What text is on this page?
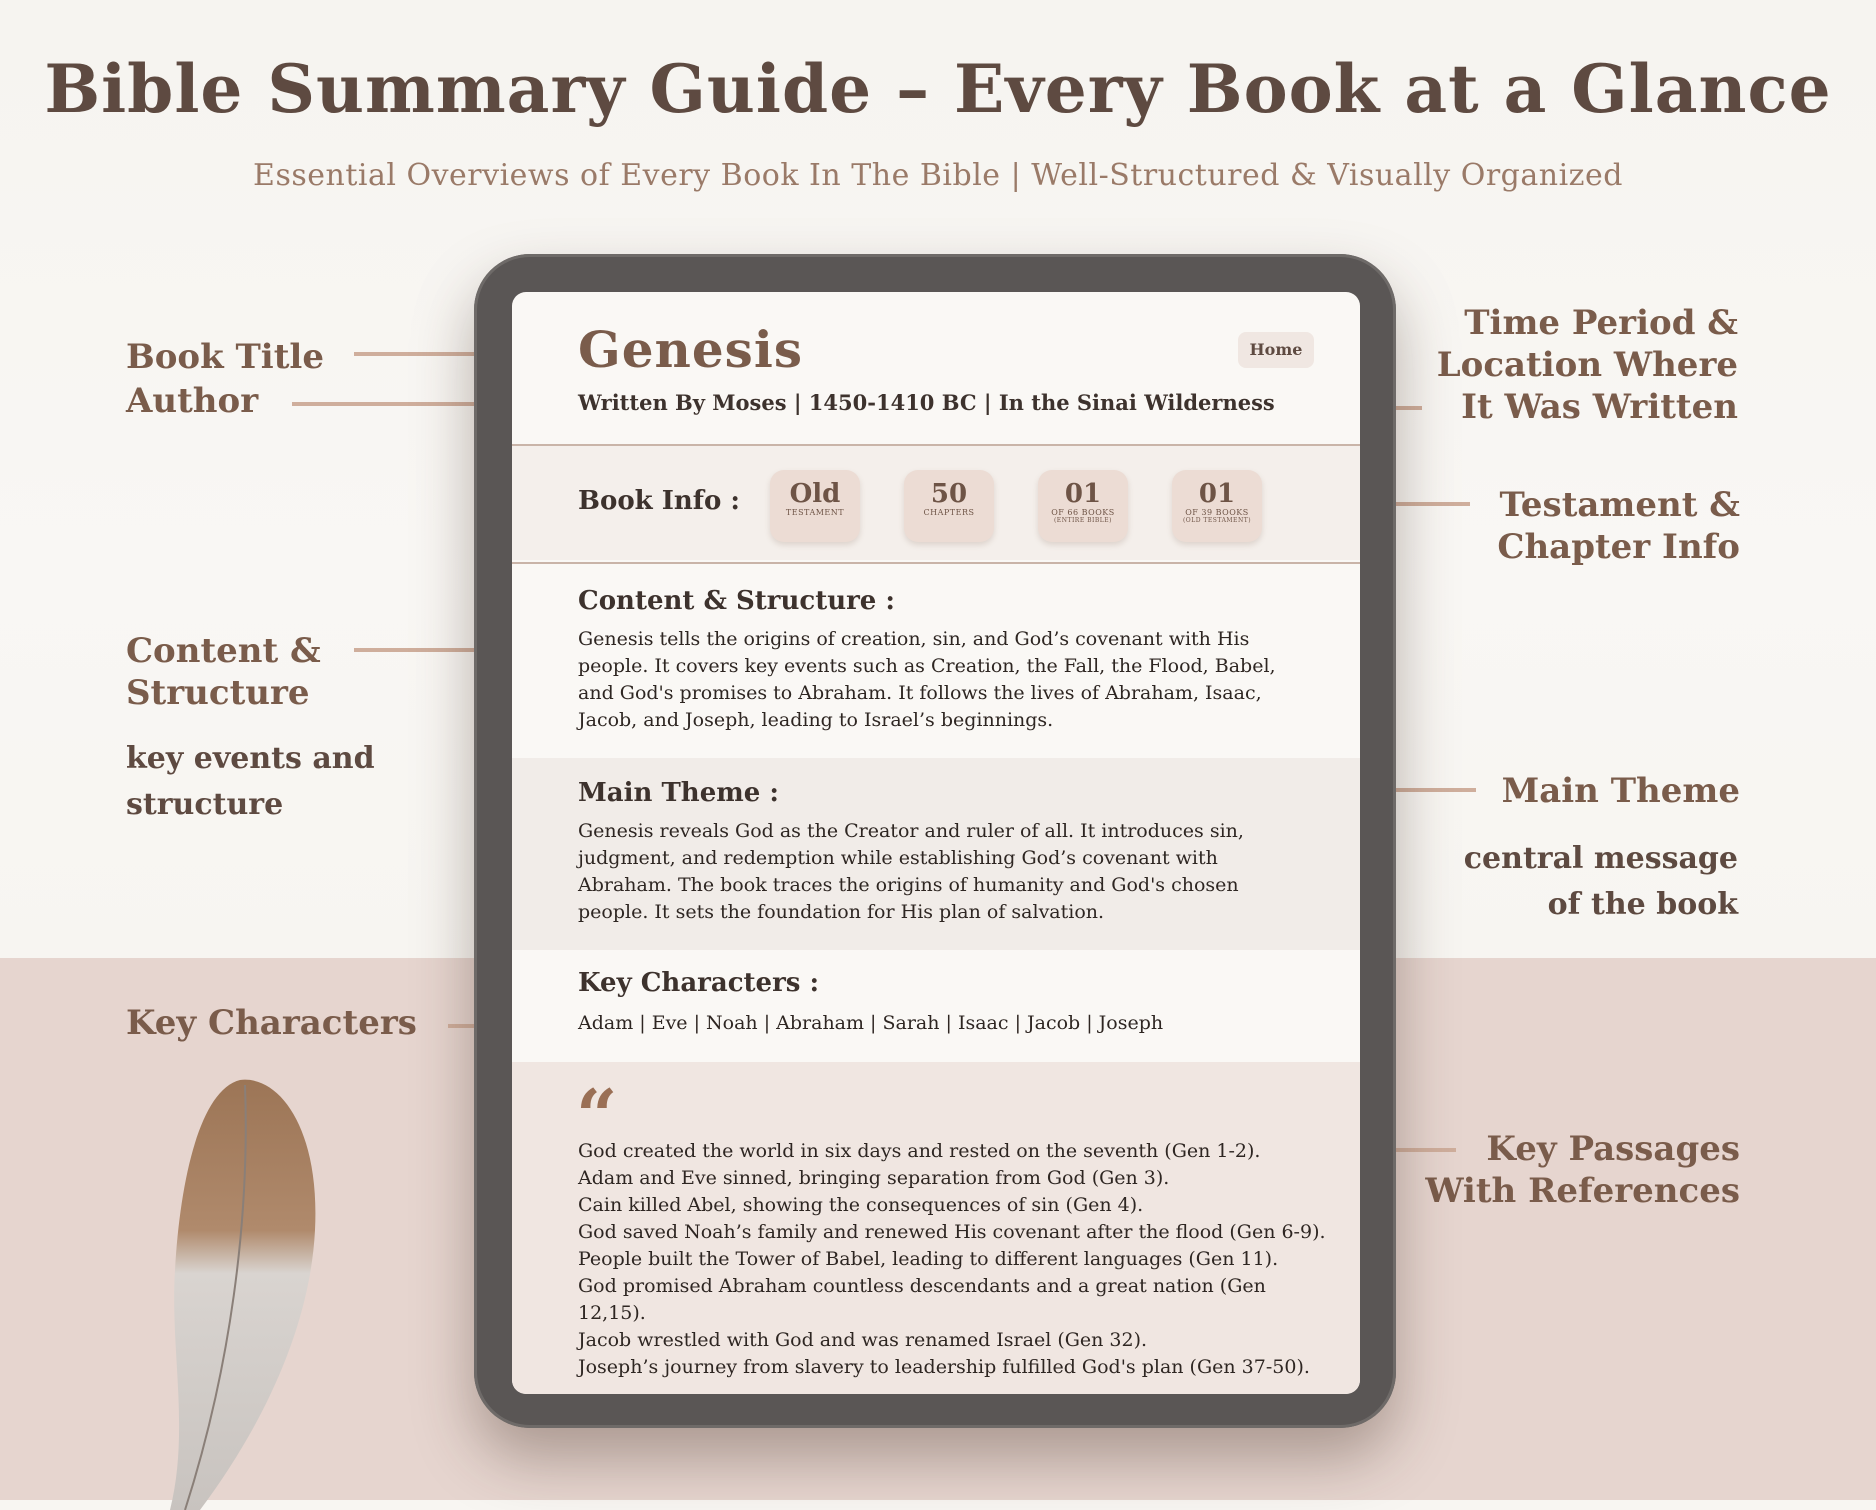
Bible Summary Guide – Every Book at a Glance
Essential Overviews of Every Book In The Bible | Well-Structured & Visually Organized
Book Title
Author
Content &
Structure
key events and
structure
Key Characters
Time Period &
Location Where
It Was Written
Testament &
Chapter Info
Main Theme
central message
of the book
Key Passages
With References
Genesis	Home
Written By Moses | 1450-1410 BC | In the Sinai Wilderness
Book Info :	Old
TESTAMENT
50
CHAPTERS
01
OF 66 BOOKS
(ENTIRE BIBLE)
01
OF 39 BOOKS
(OLD TESTAMENT)
Content & Structure :
Genesis tells the origins of creation, sin, and God’s covenant with His people. It covers key events such as Creation, the Fall, the Flood, Babel, and God's promises to Abraham. It follows the lives of Abraham, Isaac, Jacob, and Joseph, leading to Israel’s beginnings.
Main Theme :
Genesis reveals God as the Creator and ruler of all. It introduces sin, judgment, and redemption while establishing God’s covenant with Abraham. The book traces the origins of humanity and God's chosen people. It sets the foundation for His plan of salvation.
Key Characters :
Adam | Eve | Noah | Abraham | Sarah | Isaac | Jacob | Joseph
“
God created the world in six days and rested on the seventh (Gen 1-2).
Adam and Eve sinned, bringing separation from God (Gen 3).
Cain killed Abel, showing the consequences of sin (Gen 4).
God saved Noah’s family and renewed His covenant after the flood (Gen 6-9).
People built the Tower of Babel, leading to different languages (Gen 11).
God promised Abraham countless descendants and a great nation (Gen 12,15).
Jacob wrestled with God and was renamed Israel (Gen 32).
Joseph’s journey from slavery to leadership fulfilled God's plan (Gen 37-50).
